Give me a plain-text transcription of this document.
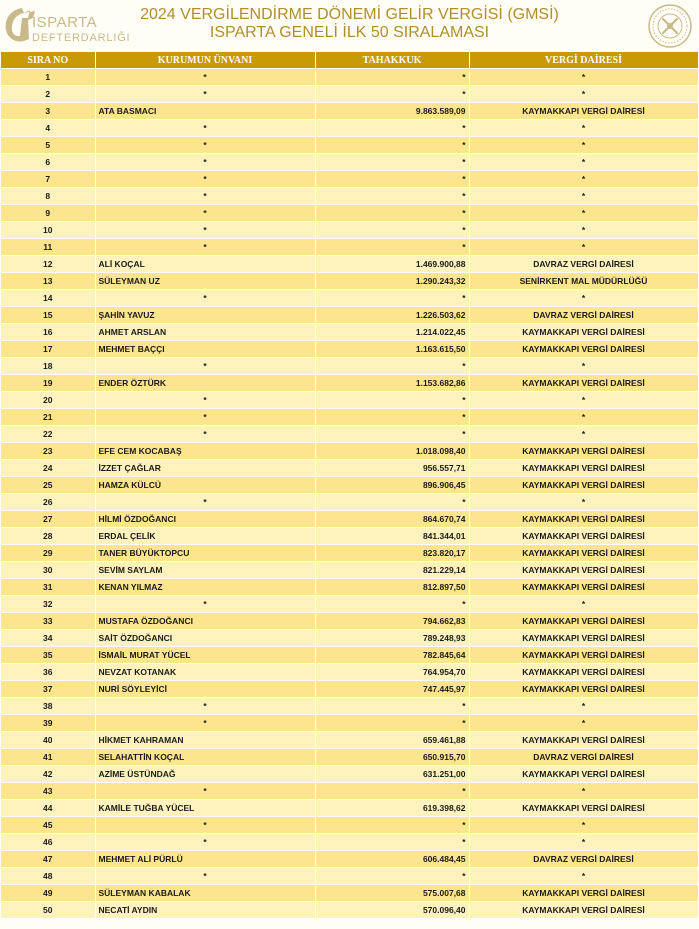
ISPARTA
DEFTERDARLIĞI
2024 VERGİLENDİRME DÖNEMİ GELİR VERGİSİ (GMSİ)
ISPARTA GENELİ İLK 50 SIRALAMASI
SIRA NO	KURUMUN ÜNVANI	TAHAKKUK	VERGİ DAİRESİ
1	*	*	*
2	*	*	*
3	ATA BASMACI	9.863.589,09	KAYMAKKAPI VERGİ DAİRESİ
4	*	*	*
5	*	*	*
6	*	*	*
7	*	*	*
8	*	*	*
9	*	*	*
10	*	*	*
11	*	*	*
12	ALİ KOÇAL	1.469.900,88	DAVRAZ VERGİ DAİRESİ
13	SÜLEYMAN UZ	1.290.243,32	SENİRKENT MAL MÜDÜRLÜĞÜ
14	*	*	*
15	ŞAHİN YAVUZ	1.226.503,62	DAVRAZ VERGİ DAİRESİ
16	AHMET ARSLAN	1.214.022,45	KAYMAKKAPI VERGİ DAİRESİ
17	MEHMET BAÇÇI	1.163.615,50	KAYMAKKAPI VERGİ DAİRESİ
18	*	*	*
19	ENDER ÖZTÜRK	1.153.682,86	KAYMAKKAPI VERGİ DAİRESİ
20	*	*	*
21	*	*	*
22	*	*	*
23	EFE CEM KOCABAŞ	1.018.098,40	KAYMAKKAPI VERGİ DAİRESİ
24	İZZET ÇAĞLAR	956.557,71	KAYMAKKAPI VERGİ DAİRESİ
25	HAMZA KÜLCÜ	896.906,45	KAYMAKKAPI VERGİ DAİRESİ
26	*	*	*
27	HİLMİ ÖZDOĞANCI	864.670,74	KAYMAKKAPI VERGİ DAİRESİ
28	ERDAL ÇELİK	841.344,01	KAYMAKKAPI VERGİ DAİRESİ
29	TANER BÜYÜKTOPCU	823.820,17	KAYMAKKAPI VERGİ DAİRESİ
30	SEVİM SAYLAM	821.229,14	KAYMAKKAPI VERGİ DAİRESİ
31	KENAN YILMAZ	812.897,50	KAYMAKKAPI VERGİ DAİRESİ
32	*	*	*
33	MUSTAFA ÖZDOĞANCI	794.662,83	KAYMAKKAPI VERGİ DAİRESİ
34	SAİT ÖZDOĞANCI	789.248,93	KAYMAKKAPI VERGİ DAİRESİ
35	İSMAİL MURAT YÜCEL	782.845,64	KAYMAKKAPI VERGİ DAİRESİ
36	NEVZAT KOTANAK	764.954,70	KAYMAKKAPI VERGİ DAİRESİ
37	NURİ SÖYLEYİCİ	747.445,97	KAYMAKKAPI VERGİ DAİRESİ
38	*	*	*
39	*	*	*
40	HİKMET KAHRAMAN	659.461,88	KAYMAKKAPI VERGİ DAİRESİ
41	SELAHATTİN KOÇAL	650.915,70	DAVRAZ VERGİ DAİRESİ
42	AZİME ÜSTÜNDAĞ	631.251,00	KAYMAKKAPI VERGİ DAİRESİ
43	*	*	*
44	KAMİLE TUĞBA YÜCEL	619.398,62	KAYMAKKAPI VERGİ DAİRESİ
45	*	*	*
46	*	*	*
47	MEHMET ALİ PÜRLÜ	606.484,45	DAVRAZ VERGİ DAİRESİ
48	*	*	*
49	SÜLEYMAN KABALAK	575.007,68	KAYMAKKAPI VERGİ DAİRESİ
50	NECATİ AYDIN	570.096,40	KAYMAKKAPI VERGİ DAİRESİ
